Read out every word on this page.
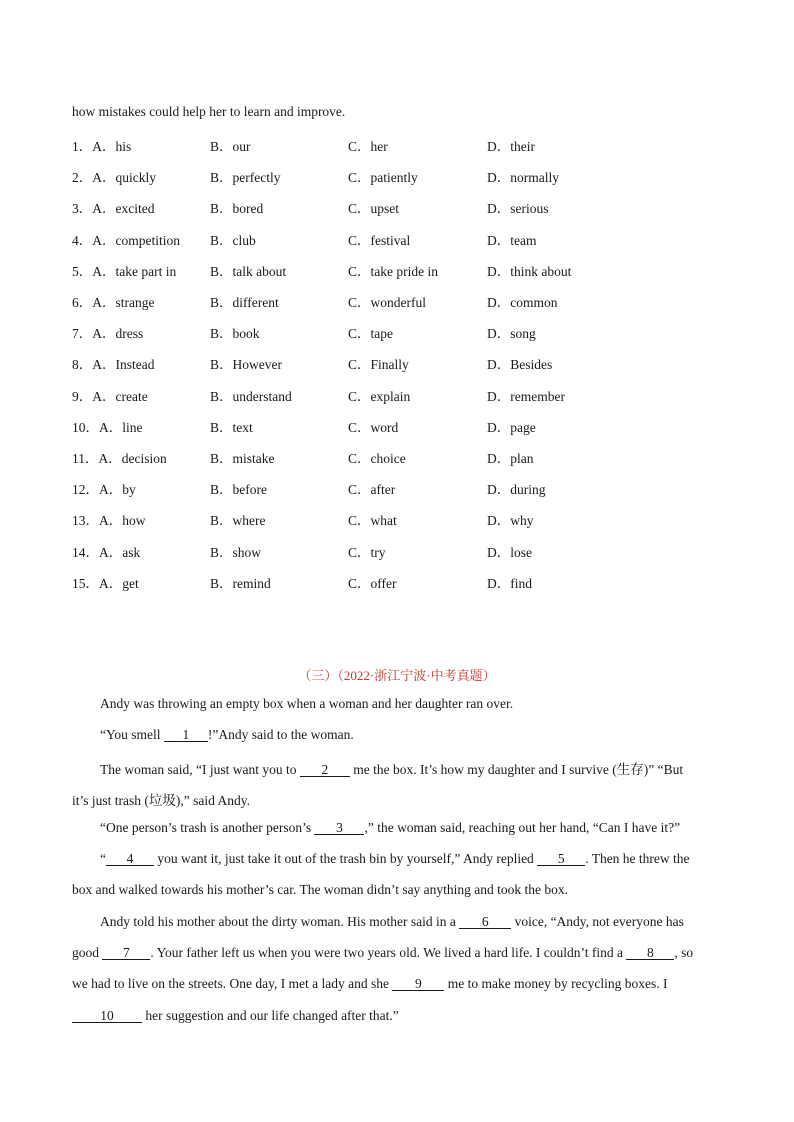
how mistakes could help her to learn and improve.
1．A．his	B．our	C．her	D．their
2．A．quickly	B．perfectly	C．patiently	D．normally
3．A．excited	B．bored	C．upset	D．serious
4．A．competition B．club	C．festival	D．team
5．A．take part in	B．talk about	C．take pride in	D．think about
6．A．strange	B．different	C．wonderful	D．common
7．A．dress	B．book	C．tape	D．song
8．A．Instead	B．However	C．Finally	D．Besides
9．A．create	B．understand	C．explain	D．remember
10．A．line	B．text	C．word	D．page
11．A．decision	B．mistake	C．choice	D．plan
12．A．by	B．before	C．after	D．during
13．A．how	B．where	C．what	D．why
14．A．ask	B．show	C．try	D．lose
15．A．get	B．remind	C．offer	D．find
（三）（2022·浙江宁波·中考真题）
Andy was throwing an empty box when a woman and her daughter ran over.
“You smell 1 !”Andy said to the woman.
The woman said, “I just want you to 2 me the box. It’s how my daughter and I survive (生存)” “But
it’s just trash (垃圾),” said Andy.
“One person’s trash is another person’s 3 ,” the woman said, reaching out her hand, “Can I have it?”
“ 4 you want it, just take it out of the trash bin by yourself,” Andy replied 5 . Then he threw the
box and walked towards his mother’s car. The woman didn’t say anything and took the box.
Andy told his mother about the dirty woman. His mother said in a 6 voice, “Andy, not everyone has
good 7 . Your father left us when you were two years old. We lived a hard life. I couldn’t find a 8 , so
we had to live on the streets. One day, I met a lady and she 9 me to make money by recycling boxes. I
10 her suggestion and our life changed after that.”
